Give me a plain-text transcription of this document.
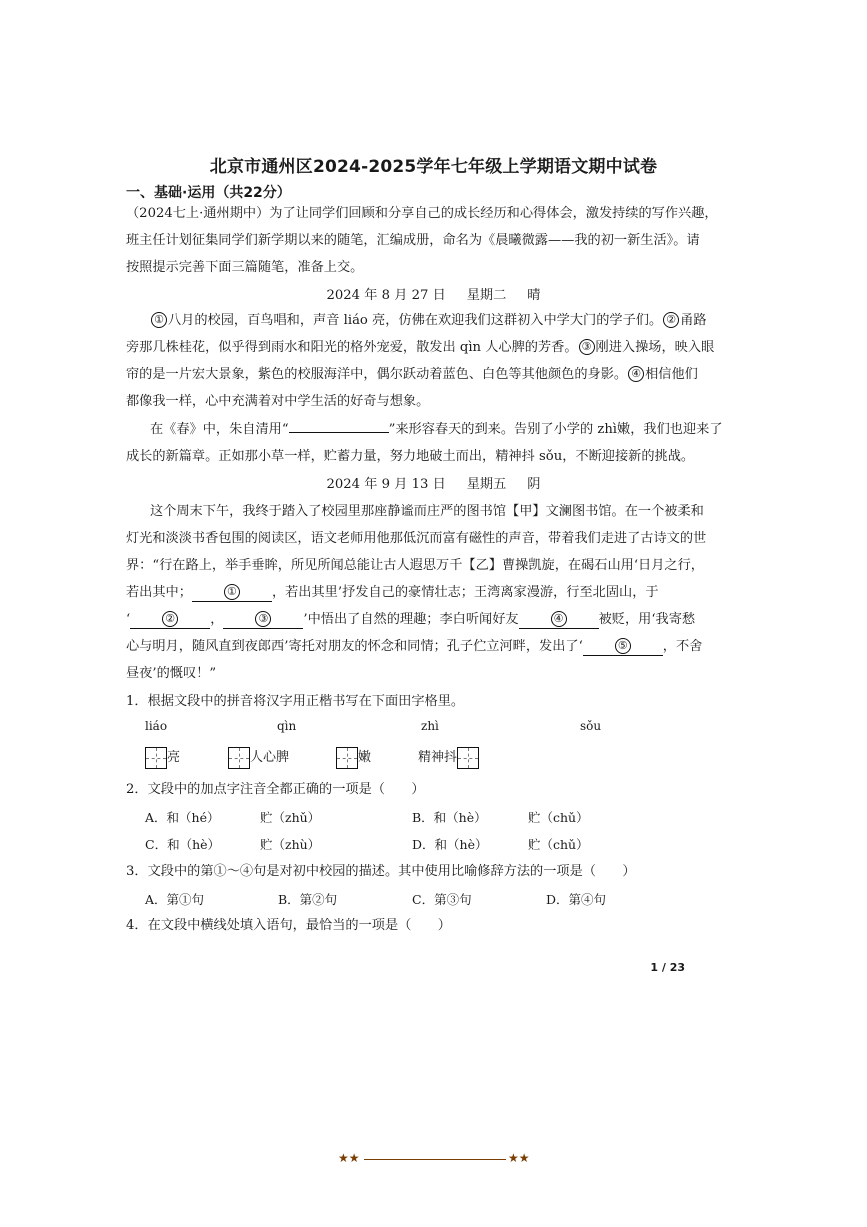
北京市通州区2024-2025学年七年级上学期语文期中试卷
一、基础·运用（共22分）
（2024七上·通州期中）为了让同学们回顾和分享自己的成长经历和心得体会，激发持续的写作兴趣，
班主任计划征集同学们新学期以来的随笔，汇编成册，命名为《晨曦微露——我的初一新生活》。请
按照提示完善下面三篇随笔，准备上交。
2024 年 8 月 27 日 星期二 晴
① 八月的校园，百鸟唱和，声音 liáo 亮，仿佛在欢迎我们这群初入中学大门的学子们。 ② 甬路
旁那几株桂花，似乎得到雨水和阳光的格外宠爱，散发出 qìn 人心脾的芳香。 ③ 刚进入操场，映入眼
帘的是一片宏大景象，紫色的校服海洋中，偶尔跃动着蓝色、白色等其他颜色的身影。 ④ 相信他们
都像我一样，心中充满着对中学生活的好奇与想象。
在《春》中，朱自清用“	”来形容春天的到来。告别了小学的 zhì嫩，我们也迎来了
成长的新篇章。正如那小草一样，贮蓄力量，努力地破土而出，精神抖 sǒu，不断迎接新的挑战。
2024 年 9 月 13 日 星期五 阴
这个周末下午，我终于踏入了校园里那座静谧而庄严的图书馆【甲】文澜图书馆。在一个被柔和
灯光和淡淡书香包围的阅读区，语文老师用他那低沉而富有磁性的声音，带着我们走进了古诗文的世
界：“行在路上，举手垂眸，所见所闻总能让古人遐思万千【乙】曹操凯旋，在碣石山用‘日月之行，
若出其中；	①	，若出其里’抒发自己的豪情壮志；王湾离家漫游，行至北固山，于
‘	②	，	③	’中悟出了自然的理趣；李白听闻好友	④	被贬，用‘我寄愁
心与明月，随风直到夜郎西’寄托对朋友的怀念和同情；孔子伫立河畔，发出了‘	⑤	，不舍
昼夜’的慨叹！”
1．根据文段中的拼音将汉字用正楷书写在下面田字格里。
liáo	qìn	zhì	sǒu
亮	人心脾	嫩	精神抖
2．文段中的加点字注音全都正确的一项是（　　）
A．和（hé）	贮（zhǔ）	B．和（hè）	贮（chǔ）
C．和（hè）	贮（zhù）	D．和（hè）	贮（chǔ）
3．文段中的第①～④句是对初中校园的描述。其中使用比喻修辞方法的一项是（　　）
A．第①句	B．第②句	C．第③句	D．第④句
4．在文段中横线处填入语句，最恰当的一项是（　　）
1 / 23
★★	★★
